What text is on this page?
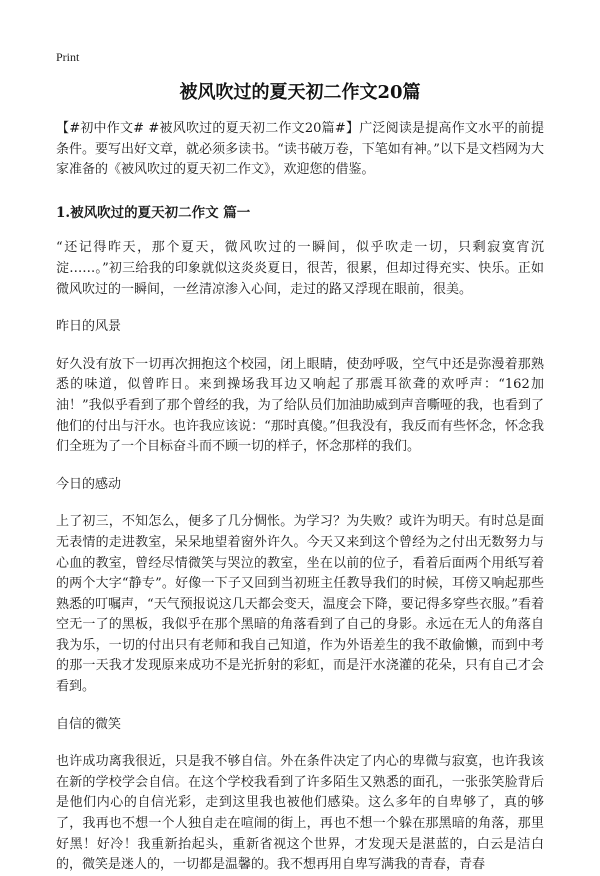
Print
被风吹过的夏天初二作文20篇

【#初中作文# #被风吹过的夏天初二作文20篇#】广泛阅读是提高作文水平的前提条件。要写出好文章，就必须多读书。“读书破万卷，下笔如有神。”以下是文档网为大家准备的《被风吹过的夏天初二作文》，欢迎您的借鉴。

1.被风吹过的夏天初二作文 篇一

“还记得昨天，那个夏天，微风吹过的一瞬间，似乎吹走一切，只剩寂寞宵沉淀……。”初三给我的印象就似这炎炎夏日，很苦，很累，但却过得充实、快乐。正如微风吹过的一瞬间，一丝清凉渗入心间，走过的路又浮现在眼前，很美。

昨日的风景

好久没有放下一切再次拥抱这个校园，闭上眼睛，使劲呼吸，空气中还是弥漫着那熟悉的味道，似曾昨日。来到操场我耳边又响起了那震耳欲聋的欢呼声：“162加油！”我似乎看到了那个曾经的我，为了给队员们加油助威到声音嘶哑的我，也看到了他们的付出与汗水。也许我应该说：“那时真傻。”但我没有，我反而有些怀念，怀念我们全班为了一个目标奋斗而不顾一切的样子，怀念那样的我们。

今日的感动

上了初三，不知怎么，便多了几分惆怅。为学习？为失败？或许为明天。有时总是面无表情的走进教室，呆呆地望着窗外许久。今天又来到这个曾经为之付出无数努力与心血的教室，曾经尽情微笑与哭泣的教室，坐在以前的位子，看着后面两个用纸写着的两个大字“静专”。好像一下子又回到当初班主任教导我们的时候，耳傍又响起那些熟悉的叮嘱声，“天气预报说这几天都会变天，温度会下降，要记得多穿些衣服。”看着空无一了的黑板，我似乎在那个黑暗的角落看到了自己的身影。永远在无人的角落自我为乐，一切的付出只有老师和我自己知道，作为外语差生的我不敢偷懒，而到中考的那一天我才发现原来成功不是光折射的彩虹，而是汗水浇灌的花朵，只有自己才会看到。

自信的微笑

也许成功离我很近，只是我不够自信。外在条件决定了内心的卑微与寂寞，也许我该在新的学校学会自信。在这个学校我看到了许多陌生又熟悉的面孔，一张张笑脸背后是他们内心的自信光彩，走到这里我也被他们感染。这么多年的自卑够了，真的够了，我再也不想一个人独自走在喧闹的街上，再也不想一个躲在那黑暗的角落，那里好黑！好冷！我重新抬起头，重新省视这个世界，才发现天是湛蓝的，白云是洁白的，微笑是迷人的，一切都是温馨的。我不想再用自卑写满我的青春，青春
